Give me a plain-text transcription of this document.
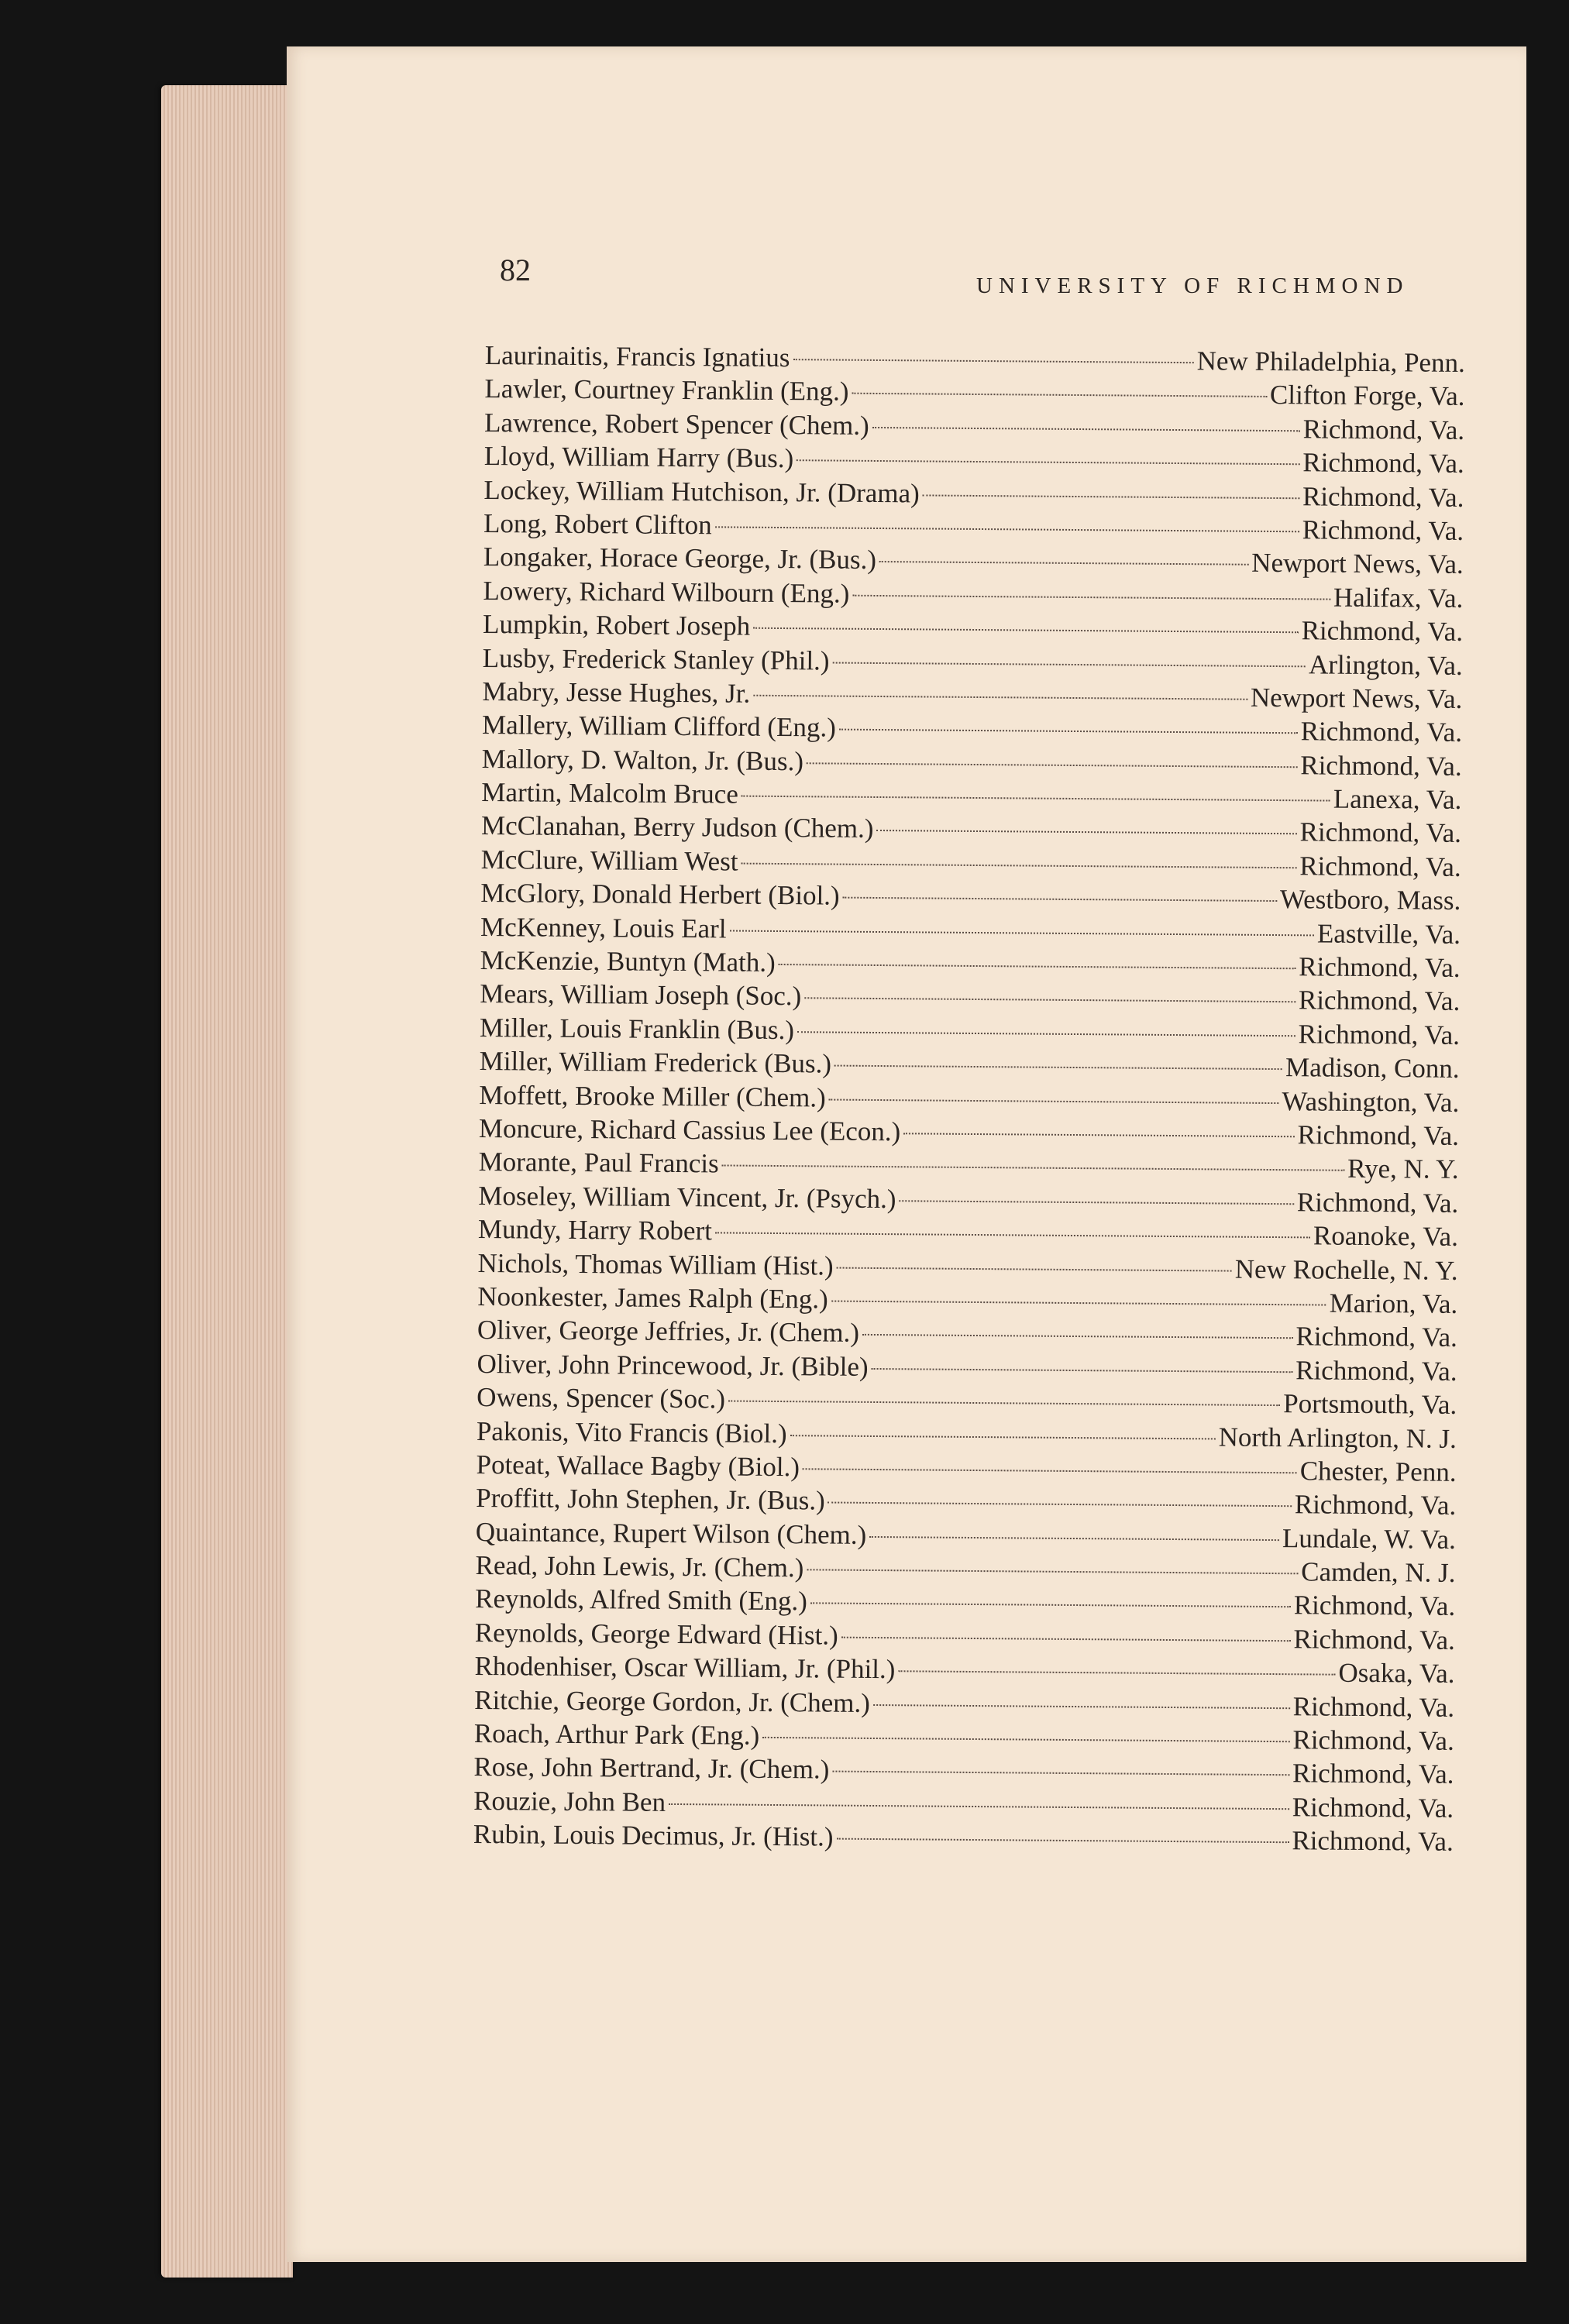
82	UNIVERSITY OF RICHMOND
Laurinaitis, Francis Ignatius	New Philadelphia, Penn.
Lawler, Courtney Franklin (Eng.)	Clifton Forge, Va.
Lawrence, Robert Spencer (Chem.)	Richmond, Va.
Lloyd, William Harry (Bus.)	Richmond, Va.
Lockey, William Hutchison, Jr. (Drama)	Richmond, Va.
Long, Robert Clifton	Richmond, Va.
Longaker, Horace George, Jr. (Bus.)	Newport News, Va.
Lowery, Richard Wilbourn (Eng.)	Halifax, Va.
Lumpkin, Robert Joseph	Richmond, Va.
Lusby, Frederick Stanley (Phil.)	Arlington, Va.
Mabry, Jesse Hughes, Jr.	Newport News, Va.
Mallery, William Clifford (Eng.)	Richmond, Va.
Mallory, D. Walton, Jr. (Bus.)	Richmond, Va.
Martin, Malcolm Bruce	Lanexa, Va.
McClanahan, Berry Judson (Chem.)	Richmond, Va.
McClure, William West	Richmond, Va.
McGlory, Donald Herbert (Biol.)	Westboro, Mass.
McKenney, Louis Earl	Eastville, Va.
McKenzie, Buntyn (Math.)	Richmond, Va.
Mears, William Joseph (Soc.)	Richmond, Va.
Miller, Louis Franklin (Bus.)	Richmond, Va.
Miller, William Frederick (Bus.)	Madison, Conn.
Moffett, Brooke Miller (Chem.)	Washington, Va.
Moncure, Richard Cassius Lee (Econ.)	Richmond, Va.
Morante, Paul Francis	Rye, N. Y.
Moseley, William Vincent, Jr. (Psych.)	Richmond, Va.
Mundy, Harry Robert	Roanoke, Va.
Nichols, Thomas William (Hist.)	New Rochelle, N. Y.
Noonkester, James Ralph (Eng.)	Marion, Va.
Oliver, George Jeffries, Jr. (Chem.)	Richmond, Va.
Oliver, John Princewood, Jr. (Bible)	Richmond, Va.
Owens, Spencer (Soc.)	Portsmouth, Va.
Pakonis, Vito Francis (Biol.)	North Arlington, N. J.
Poteat, Wallace Bagby (Biol.)	Chester, Penn.
Proffitt, John Stephen, Jr. (Bus.)	Richmond, Va.
Quaintance, Rupert Wilson (Chem.)	Lundale, W. Va.
Read, John Lewis, Jr. (Chem.)	Camden, N. J.
Reynolds, Alfred Smith (Eng.)	Richmond, Va.
Reynolds, George Edward (Hist.)	Richmond, Va.
Rhodenhiser, Oscar William, Jr. (Phil.)	Osaka, Va.
Ritchie, George Gordon, Jr. (Chem.)	Richmond, Va.
Roach, Arthur Park (Eng.)	Richmond, Va.
Rose, John Bertrand, Jr. (Chem.)	Richmond, Va.
Rouzie, John Ben	Richmond, Va.
Rubin, Louis Decimus, Jr. (Hist.)	Richmond, Va.
